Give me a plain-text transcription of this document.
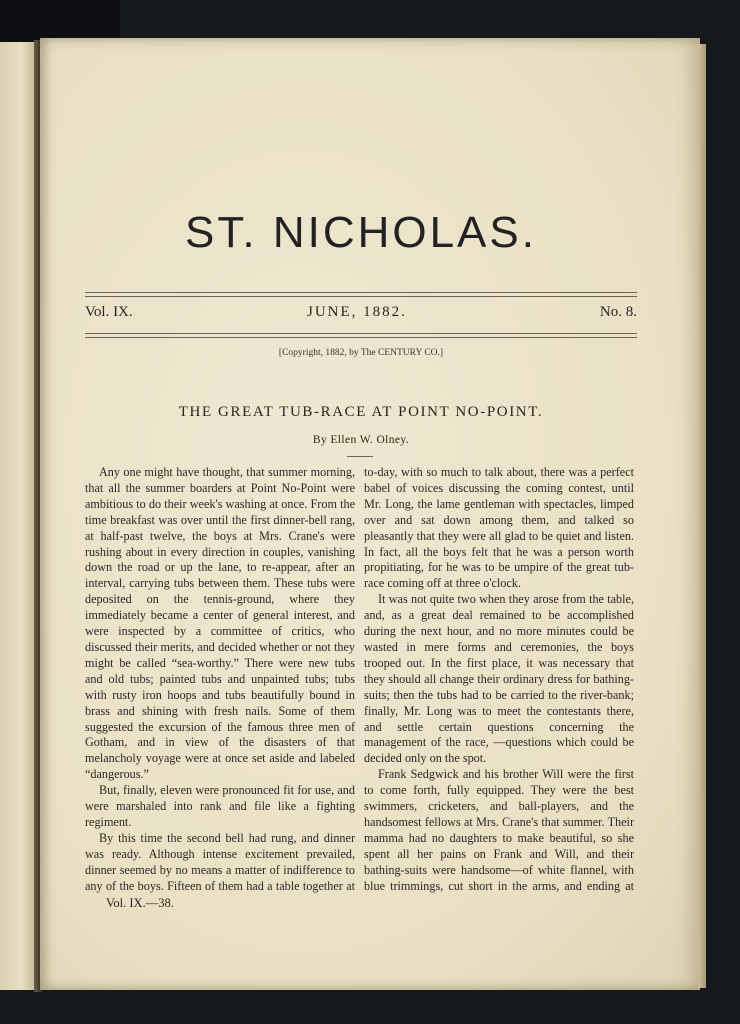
ST. NICHOLAS.
Vol. IX.	JUNE, 1882.	No. 8.
[Copyright, 1882, by The CENTURY CO.]
THE GREAT TUB-RACE AT POINT NO-POINT.
By Ellen W. Olney.

Any one might have thought, that summer morning, that all the summer boarders at Point No-Point were ambitious to do their week's washing at once. From the time breakfast was over until the first dinner-bell rang, at half-past twelve, the boys at Mrs. Crane's were rushing about in every direction in couples, vanishing down the road or up the lane, to re-appear, after an interval, carrying tubs between them. These tubs were deposited on the tennis-ground, where they immediately became a center of general interest, and were inspected by a committee of critics, who discussed their merits, and decided whether or not they might be called “sea-worthy.” There were new tubs and old tubs; painted tubs and unpainted tubs; tubs with rusty iron hoops and tubs beautifully bound in brass and shining with fresh nails. Some of them suggested the excursion of the famous three men of Gotham, and in view of the disasters of that melancholy voyage were at once set aside and labeled “dangerous.”

But, finally, eleven were pronounced fit for use, and were marshaled into rank and file like a fighting regiment.

By this time the second bell had rung, and dinner was ready. Although intense excitement prevailed, dinner seemed by no means a matter of indifference to any of the boys. Fifteen of them had a table together at

to-day, with so much to talk about, there was a perfect babel of voices discussing the coming contest, until Mr. Long, the lame gentleman with spectacles, limped over and sat down among them, and talked so pleasantly that they were all glad to be quiet and listen. In fact, all the boys felt that he was a person worth propitiating, for he was to be umpire of the great tub-race coming off at three o'clock.

It was not quite two when they arose from the table, and, as a great deal remained to be accomplished during the next hour, and no more minutes could be wasted in mere forms and ceremonies, the boys trooped out. In the first place, it was necessary that they should all change their ordinary dress for bathing-suits; then the tubs had to be carried to the river-bank; finally, Mr. Long was to meet the contestants there, and settle certain questions concerning the management of the race, —questions which could be decided only on the spot.

Frank Sedgwick and his brother Will were the first to come forth, fully equipped. They were the best swimmers, cricketers, and ball-players, and the handsomest fellows at Mrs. Crane's that summer. Their mamma had no daughters to make beautiful, so she spent all her pains on Frank and Will, and their bathing-suits were handsome—of white flannel, with blue trimmings, cut short in the arms, and ending at

Vol. IX.—38.
